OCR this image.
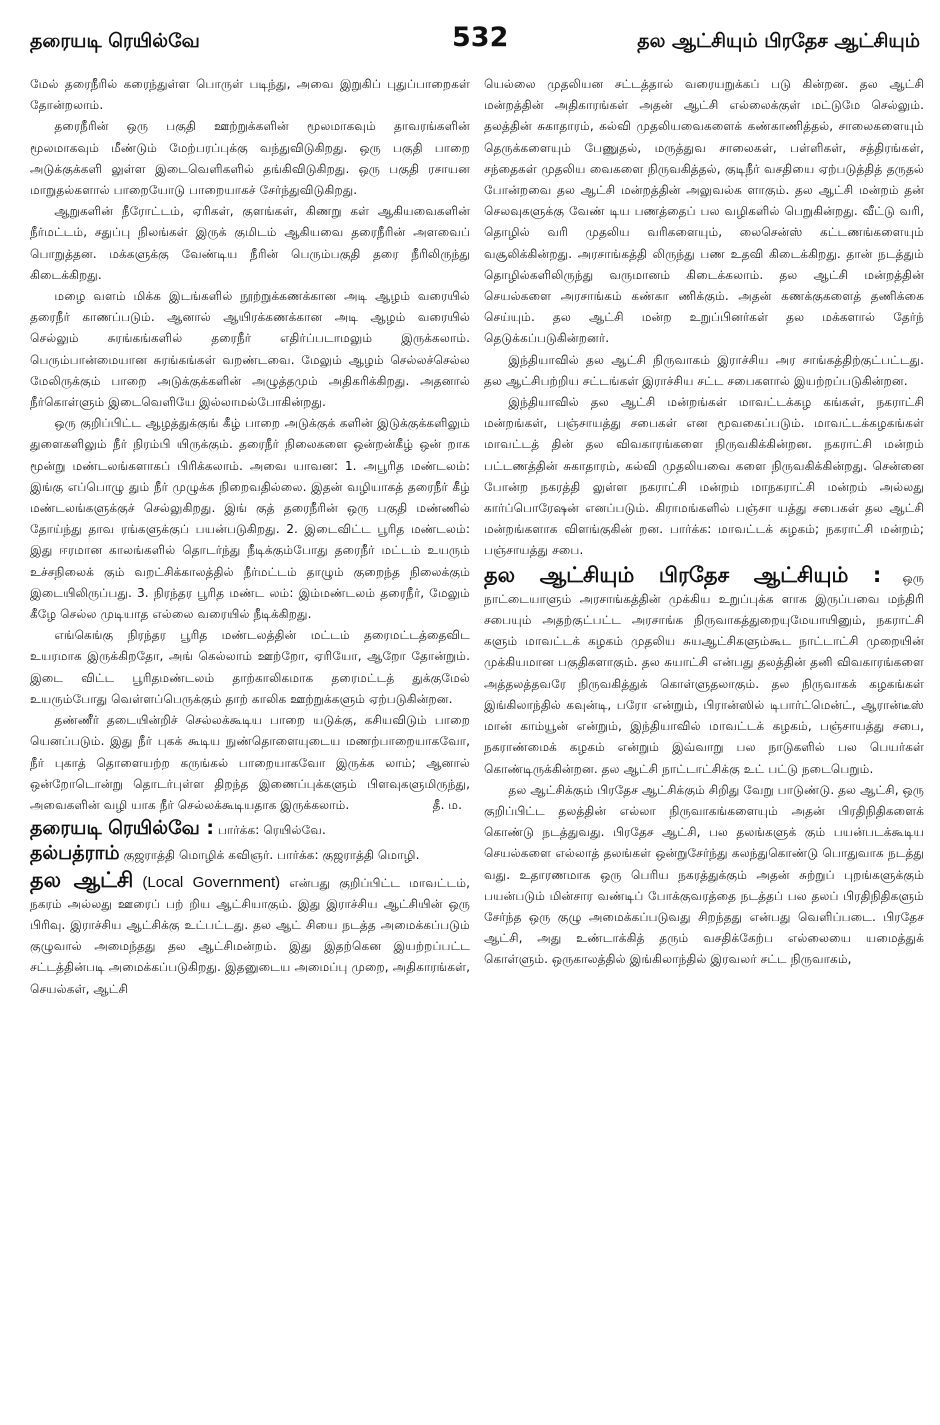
தரையடி ரெயில்வே	532	தல ஆட்சியும் பிரதேச ஆட்சியும்

மேல் தரைநீரில் கரைந்துள்ள பொருள் படிந்து, அவை இறுகிப் புதுப்பாறைகள் தோன்றலாம்.

தரைநீரின் ஒரு பகுதி ஊற்றுக்களின் மூலமாகவும் தாவரங்களின் மூலமாகவும் மீண்டும் மேற்பரப்புக்கு வந்துவிடுகிறது. ஒரு பகுதி பாறை அடுக்குக்களி லுள்ள இடைவெளிகளில் தங்கிவிடுகிறது. ஒரு பகுதி ரசாயன மாறுதல்களால் பாறையோடு பாறையாகச் சேர்ந்துவிடுகிறது.

ஆறுகளின் நீரோட்டம், ஏரிகள், குளங்கள், கிணறு கள் ஆகியவைகளின் நீர்மட்டம், சதுப்பு நிலங்கள் இருக் குமிடம் ஆகியவை தரைநீரின் அளவைப் பொறுத்தன. மக்களுக்கு வேண்டிய நீரின் பெரும்பகுதி தரை நீரிலிருந்து கிடைக்கிறது.

மழை வளம் மிக்க இடங்களில் நூற்றுக்கணக்கான அடி ஆழம் வரையில் தரைநீர் காணப்படும். ஆனால் ஆயிரக்கணக்கான அடி ஆழம் வரையில் செல்லும் சுரங்கங்களில் தரைநீர் எதிர்ப்படாமலும் இருக்கலாம். பெரும்பான்மையான சுரங்கங்கள் வறண்டவை. மேலும் ஆழம் செல்லச்செல்ல மேலிருக்கும் பாறை அடுக்குக்களின் அழுத்தமும் அதிகரிக்கிறது. அதனால் நீர்கொள்ளும் இடைவெளியே இல்லாமல்போகின்றது.

ஒரு குறிப்பிட்ட ஆழத்துக்குங் கீழ் பாறை அடுக்குக் களின் இடுக்குக்களிலும் துளைகளிலும் நீர் நிரம்பி யிருக்கும். தரைநீர் நிலைகளை ஒன்றன்கீழ் ஒன் றாக மூன்று மண்டலங்களாகப் பிரிக்கலாம். அவை யாவன: 1. அபூரித மண்டலம்: இங்கு எப்பொழு தும் நீர் முழுக்க நிறைவதில்லை. இதன் வழியாகத் தரைநீர் கீழ் மண்டலங்களுக்குச் செல்லுகிறது. இங் குத் தரைநீரின் ஒரு பகுதி மண்ணில் தோய்ந்து தாவ ரங்களுக்குப் பயன்படுகிறது. 2. இடைவிட்ட பூரித மண்டலம்: இது ஈரமான காலங்களில் தொடர்ந்து நீடிக்கும்போது தரைநீர் மட்டம் உயரும் உச்சநிலைக் கும் வறட்சிக்காலத்தில் நீர்மட்டம் தாழும் குறைந்த நிலைக்கும் இடையிலிருப்பது. 3. நிரந்தர பூரித மண்ட லம்: இம்மண்டலம் தரைநீர், மேலும் கீழே செல்ல முடியாத எல்லை வரையில் நீடிக்கிறது.

எங்கெங்கு நிரந்தர பூரித மண்டலத்தின் மட்டம் தரைமட்டத்தைவிட உயரமாக இருக்கிறதோ, அங் கெல்லாம் ஊற்றோ, ஏரியோ, ஆறோ தோன்றும். இடை விட்ட பூரிதமண்டலம் தாற்காலிகமாக தரைமட்டத் துக்குமேல் உயரும்போது வெள்ளப்பெருக்கும் தாற் காலிக ஊற்றுக்களும் ஏற்படுகின்றன.

தண்ணீர் தடையின்றிச் செல்லக்கூடிய பாறை யடுக்கு, கசியவிடும் பாறை யெனப்படும். இது நீர் புகக் கூடிய நுண்தொளையுடைய மணற்பாறையாகவோ, நீர் புகாத் தொளையற்ற கருங்கல் பாறையாகவோ இருக்க லாம்; ஆனால் ஒன்றோடொன்று தொடர்புள்ள திறந்த இணைப்புக்களும் பிளவுகளுமிருந்து, அவைகளின் வழி யாக நீர் செல்லக்கூடியதாக இருக்கலாம்.	தீ. ம.

தரையடி ரெயில்வே : பார்க்க: ரெயில்வே.

தல்பத்ராம் குஜராத்தி மொழிக் கவிஞர். பார்க்க: குஜராத்தி மொழி.

தல ஆட்சி (Local Government) என்பது குறிப்பிட்ட மாவட்டம், நகரம் அல்லது ஊரைப் பற் றிய ஆட்சியாகும். இது இராச்சிய ஆட்சியின் ஒரு பிரிவு. இராச்சிய ஆட்சிக்கு உட்பட்டது. தல ஆட் சியை நடத்த அமைக்கப்படும் குழுவால் அமைந்தது தல ஆட்சிமன்றம். இது இதற்கென இயற்றப்பட்ட சட்டத்தின்படி அமைக்கப்படுகிறது. இதனுடைய அமைப்பு முறை, அதிகாரங்கள், செயல்கள், ஆட்சி

யெல்லை முதலியன சட்டத்தால் வரையறுக்கப் படு கின்றன. தல ஆட்சி மன்றத்தின் அதிகாரங்கள் அதன் ஆட்சி எல்லைக்குள் மட்டுமே செல்லும். தலத்தின் சுகாதாரம், கல்வி முதலியவைகளைக் கண்காணித்தல், சாலைகளையும் தெருக்களையும் பேணுதல், மருத்துவ சாலைகள், பள்ளிகள், சத்திரங்கள், சந்தைகள் முதலிய வைகளை நிருவகித்தல், குடிநீர் வசதியை ஏற்படுத்தித் தருதல் போன்றவை தல ஆட்சி மன்றத்தின் அலுவல்க ளாகும். தல ஆட்சி மன்றம் தன் செலவுகளுக்கு வேண் டிய பணத்தைப் பல வழிகளில் பெறுகின்றது. வீட்டு வரி, தொழில் வரி முதலிய வரிகளையும், லைசென்ஸ் கட்டணங்களையும் வசூலிக்கின்றது. அரசாங்கத்தி லிருந்து பண உதவி கிடைக்கிறது. தான் நடத்தும் தொழில்களிலிருந்து வருமானம் கிடைக்கலாம். தல ஆட்சி மன்றத்தின் செயல்களை அரசாங்கம் கண்கா ணிக்கும். அதன் கணக்குகளைத் தணிக்கை செய்யும். தல ஆட்சி மன்ற உறுப்பினர்கள் தல மக்களால் தேர்ந் தெடுக்கப்படுகின்றனர்.

இந்தியாவில் தல ஆட்சி நிருவாகம் இராச்சிய அர சாங்கத்திற்குட்பட்டது. தல ஆட்சிபற்றிய சட்டங்கள் இராச்சிய சட்ட சபைகளால் இயற்றப்படுகின்றன.

இந்தியாவில் தல ஆட்சி மன்றங்கள் மாவட்டக்கழ கங்கள், நகராட்சி மன்றங்கள், பஞ்சாயத்து சபைகள் என மூவகைப்படும். மாவட்டக்கழகங்கள் மாவட்டத் தின் தல விவகாரங்களை நிருவகிக்கின்றன. நகராட்சி மன்றம் பட்டணத்தின் சுகாதாரம், கல்வி முதலியவை களை நிருவகிக்கின்றது. சென்னை போன்ற நகரத்தி லுள்ள நகராட்சி மன்றம் மாநகராட்சி மன்றம் அல்லது கார்ப்பொரேஷன் எனப்படும். கிராமங்களில் பஞ்சா யத்து சபைகள் தல ஆட்சி மன்றங்களாக விளங்குகின் றன. பார்க்க: மாவட்டக் கழகம்; நகராட்சி மன்றம்; பஞ்சாயத்து சபை.

தல ஆட்சியும் பிரதேச ஆட்சியும் : ஒரு நாட்டையாளும் அரசாங்கத்தின் முக்கிய உறுப்புக்க ளாக இருப்பவை மந்திரி சபையும் அதற்குட்பட்ட அரசாங்க நிருவாகத்துறையுமேயாயினும், நகராட்சி களும் மாவட்டக் கழகம் முதலிய சுயஆட்சிகளும்கூட நாட்டாட்சி முறையின் முக்கியமான பகுதிகளாகும். தல சுயாட்சி என்பது தலத்தின் தனி விவகாரங்களை அத்தலத்தவரே நிருவகித்துக் கொள்ளுதலாகும். தல நிருவாகக் கழகங்கள் இங்கிலாந்தில் கவுன்டி, பரோ என்றும், பிரான்ஸில் டிபார்ட்மென்ட், ஆரான்டீஸ் மான் காம்யூன் என்றும், இந்தியாவில் மாவட்டக் கழகம், பஞ்சாயத்து சபை, நகராண்மைக் கழகம் என்றும் இவ்வாறு பல நாடுகளில் பல பெயர்கள் கொண்டிருக்கின்றன. தல ஆட்சி நாட்டாட்சிக்கு உட் பட்டு நடைபெறும்.

தல ஆட்சிக்கும் பிரதேச ஆட்சிக்கும் சிறிது வேறு பாடுண்டு. தல ஆட்சி, ஒரு குறிப்பிட்ட தலத்தின் எல்லா நிருவாகங்களையும் அதன் பிரதிநிதிகளைக் கொண்டு நடத்துவது. பிரதேச ஆட்சி, பல தலங்களுக் கும் பயன்படக்கூடிய செயல்களை எல்லாத் தலங்கள் ஒன்றுசேர்ந்து கலந்துகொண்டு பொதுவாக நடத்து வது. உதாரணமாக ஒரு பெரிய நகரத்துக்கும் அதன் சுற்றுப் புறங்களுக்கும் பயன்படும் மின்சார வண்டிப் போக்குவரத்தை நடத்தப் பல தலப் பிரதிநிதிகளும் சேர்ந்த ஒரு குழு அமைக்கப்படுவது சிறந்தது என்பது வெளிப்படை. பிரதேச ஆட்சி, அது உண்டாக்கித் தரும் வசதிக்கேற்ப எல்லையை யமைத்துக் கொள்ளும். ஒருகாலத்தில் இங்கிலாந்தில் இரவலர் சட்ட நிருவாகம்,
